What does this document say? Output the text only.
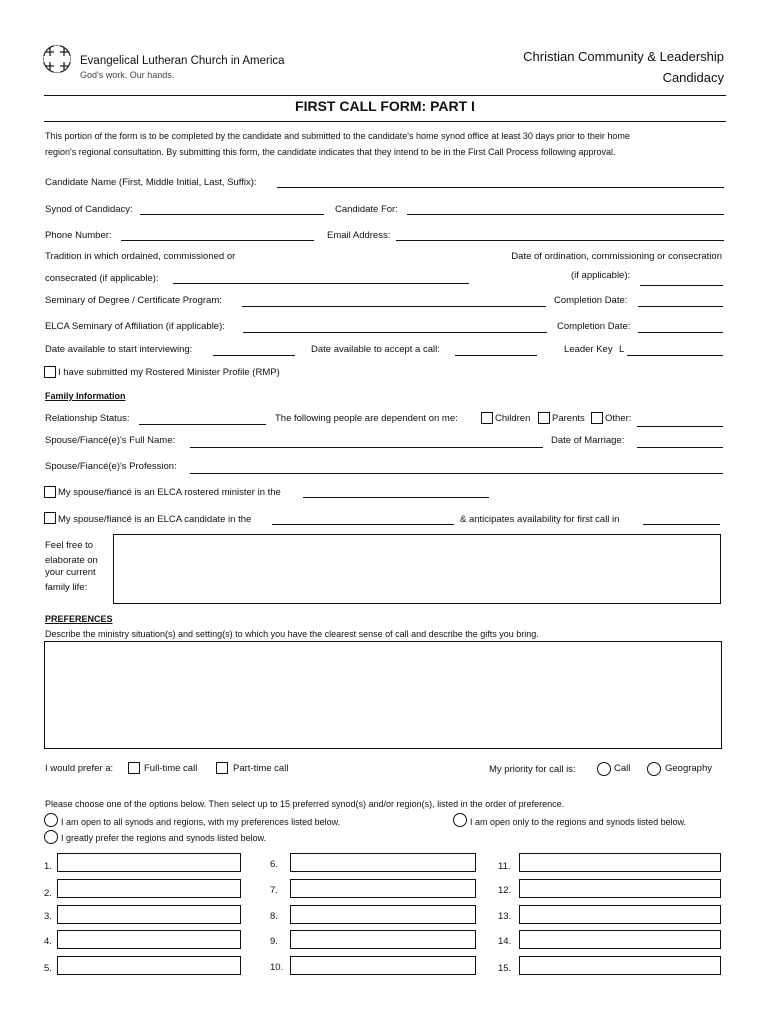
Evangelical Lutheran Church in America
God's work. Our hands.
Christian Community & Leadership
Candidacy
FIRST CALL FORM: PART I
This portion of the form is to be completed by the candidate and submitted to the candidate's home synod office at least 30 days prior to their home
region's regional consultation. By submitting this form, the candidate indicates that they intend to be in the First Call Process following approval.
Candidate Name (First, Middle Initial, Last, Suffix):
Synod of Candidacy:	Candidate For:
Phone Number:	Email Address:
Tradition in which ordained, commissioned or
consecrated (if applicable):
Date of ordination, commissioning or consecration
(if applicable):
Seminary of Degree / Certificate Program:	Completion Date:
ELCA Seminary of Affiliation (if applicable):	Completion Date:
Date available to start interviewing:	Date available to accept a call:	Leader Key L
I have submitted my Rostered Minister Profile (RMP)
Family Information
Relationship Status:	The following people are dependent on me:	Children Parents Other:
Spouse/Fiancé(e)'s Full Name:	Date of Marriage:
Spouse/Fiancé(e)'s Profession:
My spouse/fiancé is an ELCA rostered minister in the
My spouse/fiancé is an ELCA candidate in the	& anticipates availability for first call in
Feel free to
elaborate on
your current
family life:
PREFERENCES
Describe the ministry situation(s) and setting(s) to which you have the clearest sense of call and describe the gifts you bring.
I would prefer a:	Full-time call	Part-time call	My priority for call is:	Call	Geography
Please choose one of the options below. Then select up to 15 preferred synod(s) and/or region(s), listed in the order of preference.
I am open to all synods and regions, with my preferences listed below.	I am open only to the regions and synods listed below.
I greatly prefer the regions and synods listed below.
1.	6.	11.
2.	7.	12.
3.	8.	13.
4.	9.	14.
5.	10.	15.
